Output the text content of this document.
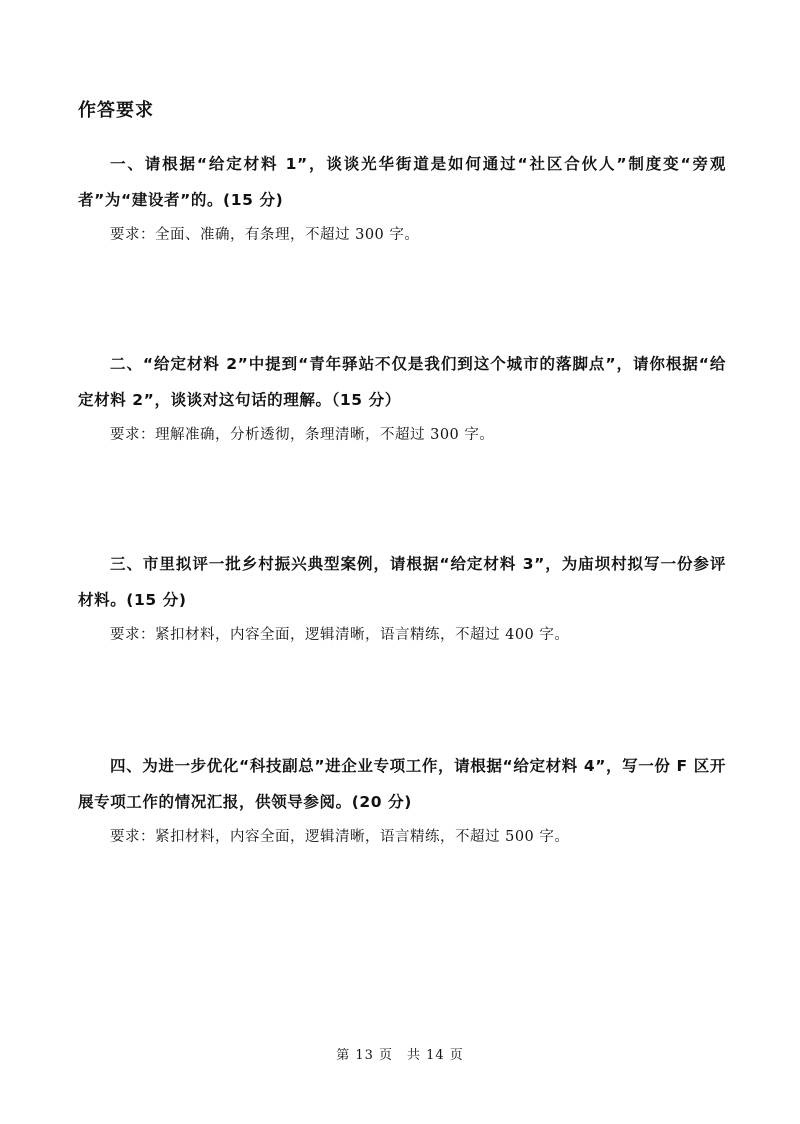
作答要求

一、请根据“给定材料 1”，谈谈光华街道是如何通过“社区合伙人”制度变“旁观者”为“建设者”的。(15 分)

要求：全面、准确，有条理，不超过 300 字。

二、“给定材料 2”中提到“青年驿站不仅是我们到这个城市的落脚点”，请你根据“给定材料 2”，谈谈对这句话的理解。（15 分）

要求：理解准确，分析透彻，条理清晰，不超过 300 字。

三、市里拟评一批乡村振兴典型案例，请根据“给定材料 3”，为庙坝村拟写一份参评材料。(15 分)

要求：紧扣材料，内容全面，逻辑清晰，语言精练，不超过 400 字。

四、为进一步优化“科技副总”进企业专项工作，请根据“给定材料 4”，写一份 F 区开展专项工作的情况汇报，供领导参阅。(20 分)

要求：紧扣材料，内容全面，逻辑清晰，语言精练，不超过 500 字。

第 13 页　共 14 页
